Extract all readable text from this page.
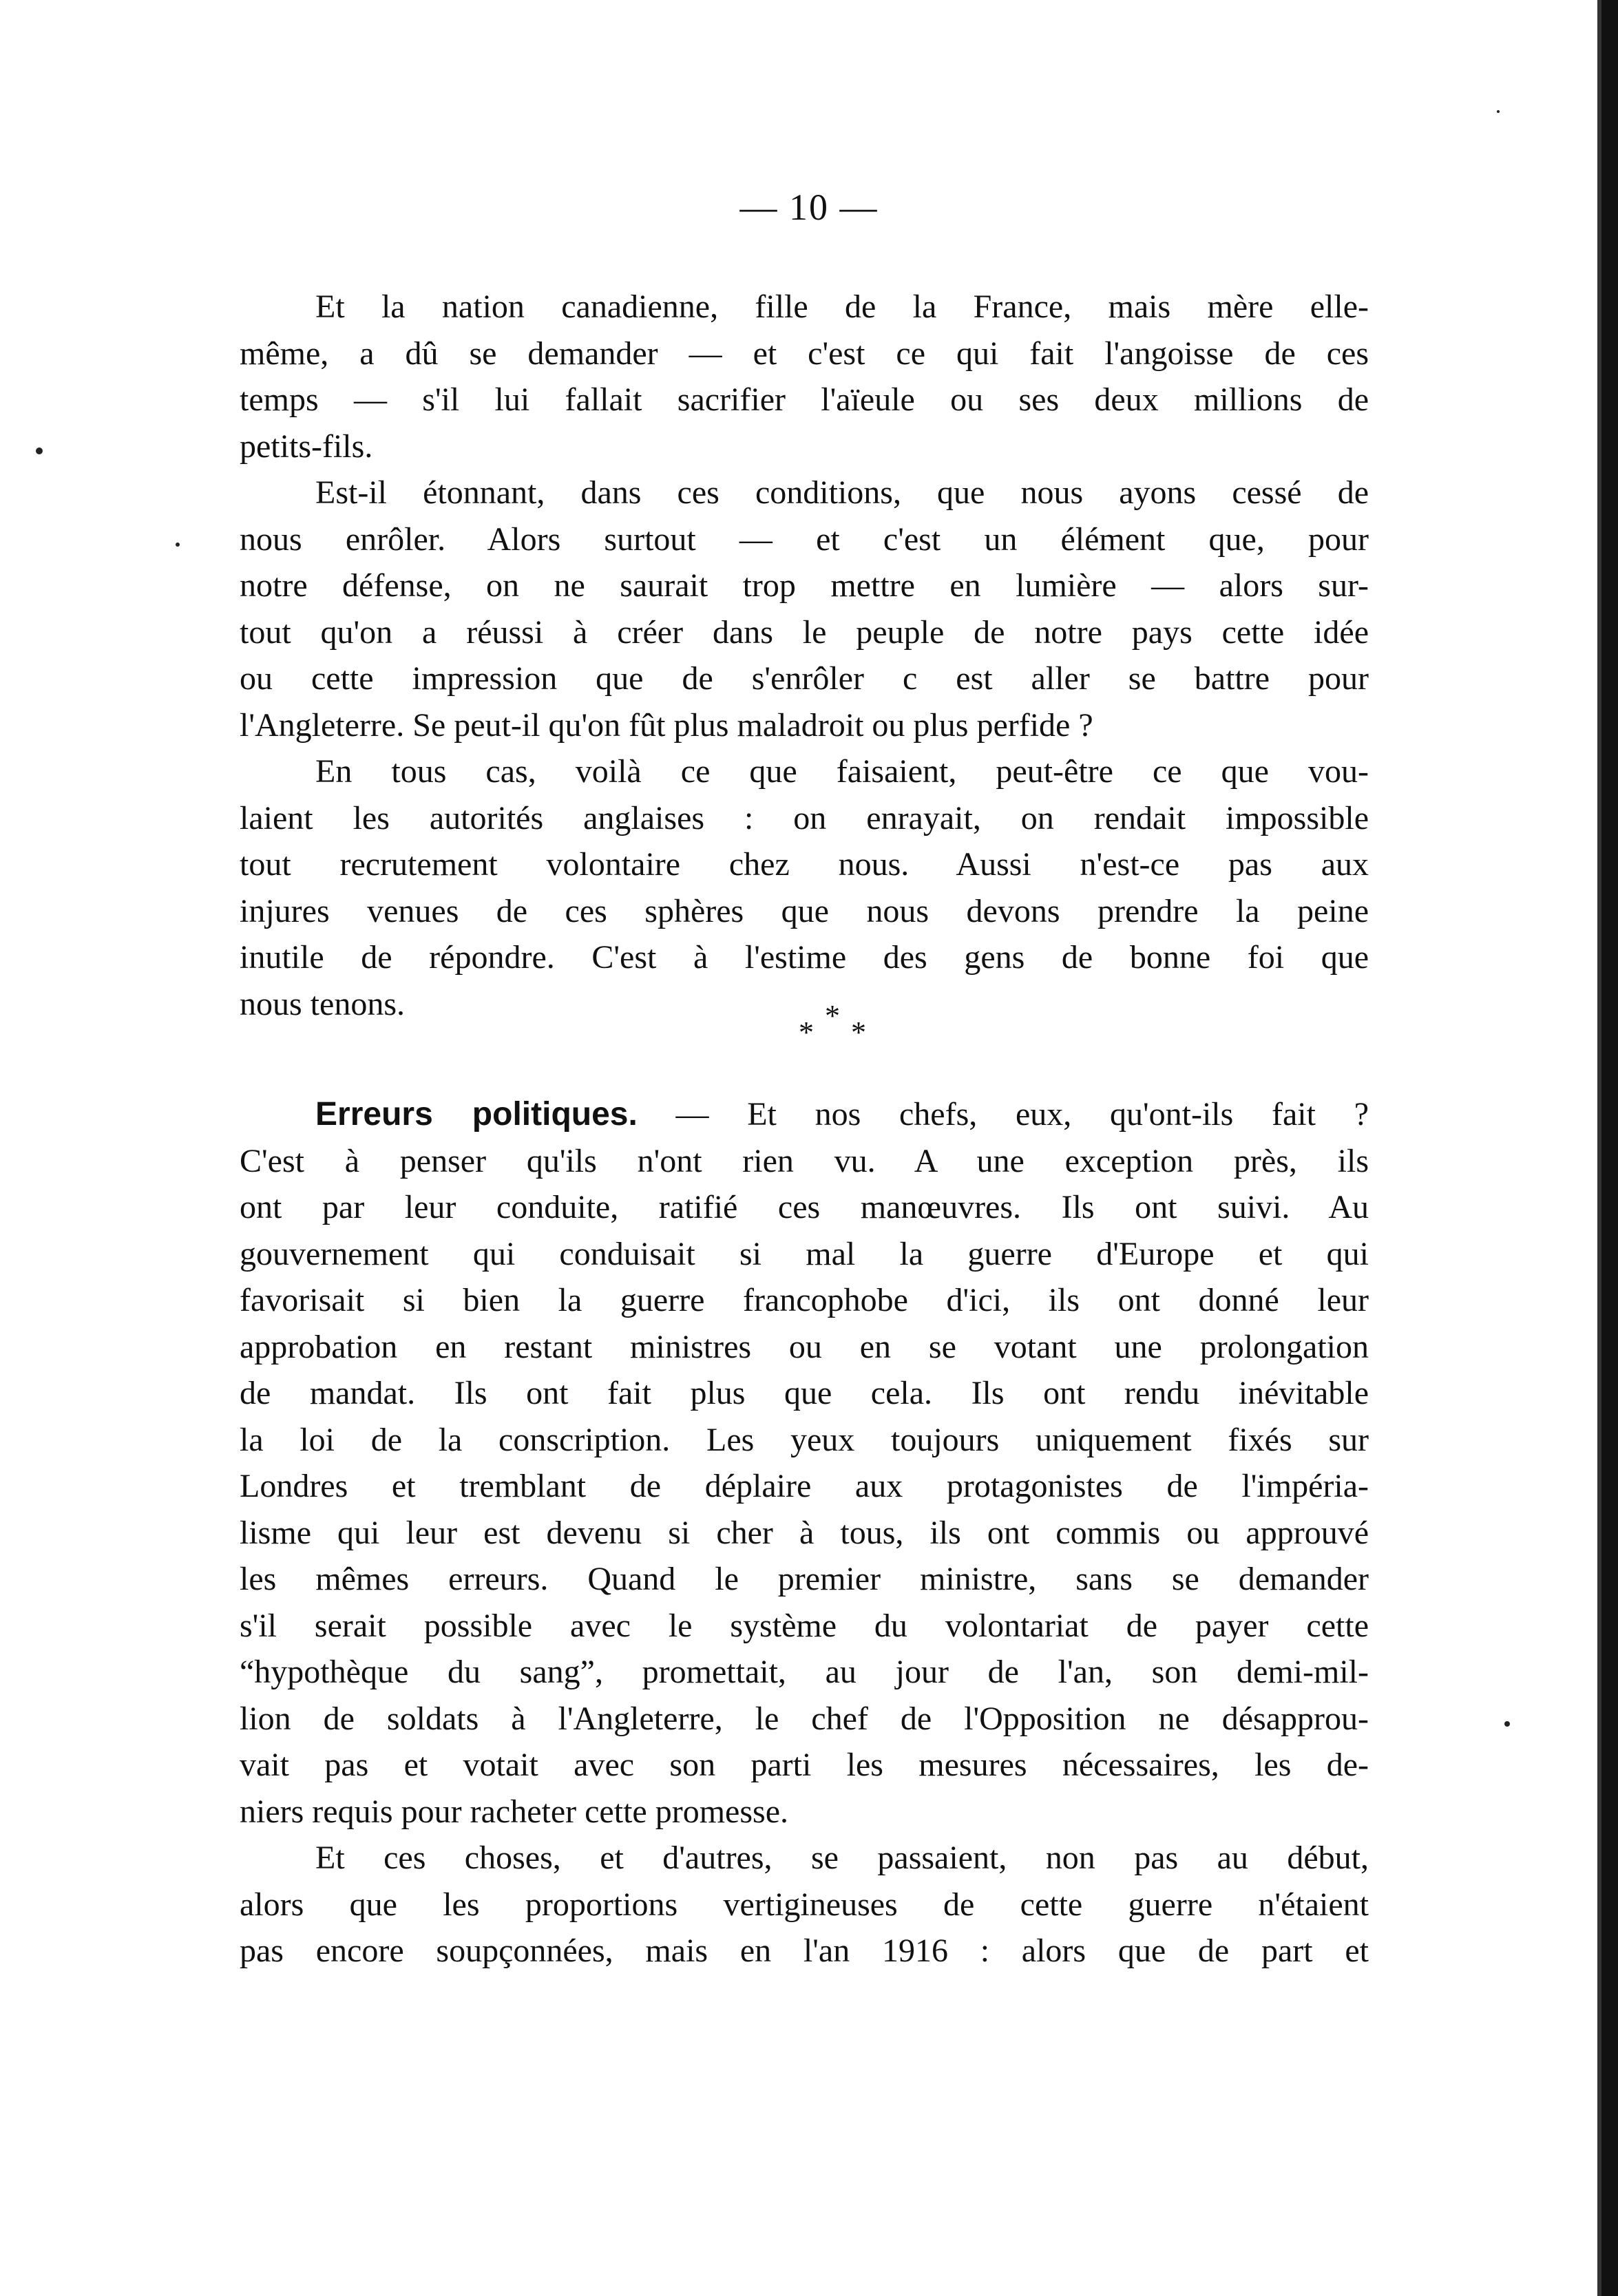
— 10 —
Et la nation canadienne, fille de la France, mais mère elle-
même, a dû se demander — et c'est ce qui fait l'angoisse de ces
temps — s'il lui fallait sacrifier l'aïeule ou ses deux millions de
petits-fils.
Est-il étonnant, dans ces conditions, que nous ayons cessé de
nous enrôler. Alors surtout — et c'est un élément que, pour
notre défense, on ne saurait trop mettre en lumière — alors sur-
tout qu'on a réussi à créer dans le peuple de notre pays cette idée
ou cette impression que de s'enrôler c est aller se battre pour
l'Angleterre. Se peut-il qu'on fût plus maladroit ou plus perfide ?
En tous cas, voilà ce que faisaient, peut-être ce que vou-
laient les autorités anglaises : on enrayait, on rendait impossible
tout recrutement volontaire chez nous. Aussi n'est-ce pas aux
injures venues de ces sphères que nous devons prendre la peine
inutile de répondre. C'est à l'estime des gens de bonne foi que
nous tenons.
* * *
Erreurs politiques. — Et nos chefs, eux, qu'ont-ils fait ?
C'est à penser qu'ils n'ont rien vu. A une exception près, ils
ont par leur conduite, ratifié ces manœuvres. Ils ont suivi. Au
gouvernement qui conduisait si mal la guerre d'Europe et qui
favorisait si bien la guerre francophobe d'ici, ils ont donné leur
approbation en restant ministres ou en se votant une prolongation
de mandat. Ils ont fait plus que cela. Ils ont rendu inévitable
la loi de la conscription. Les yeux toujours uniquement fixés sur
Londres et tremblant de déplaire aux protagonistes de l'impéria-
lisme qui leur est devenu si cher à tous, ils ont commis ou approuvé
les mêmes erreurs. Quand le premier ministre, sans se demander
s'il serait possible avec le système du volontariat de payer cette
“hypothèque du sang”, promettait, au jour de l'an, son demi-mil-
lion de soldats à l'Angleterre, le chef de l'Opposition ne désapprou-
vait pas et votait avec son parti les mesures nécessaires, les de-
niers requis pour racheter cette promesse.
Et ces choses, et d'autres, se passaient, non pas au début,
alors que les proportions vertigineuses de cette guerre n'étaient
pas encore soupçonnées, mais en l'an 1916 : alors que de part et
